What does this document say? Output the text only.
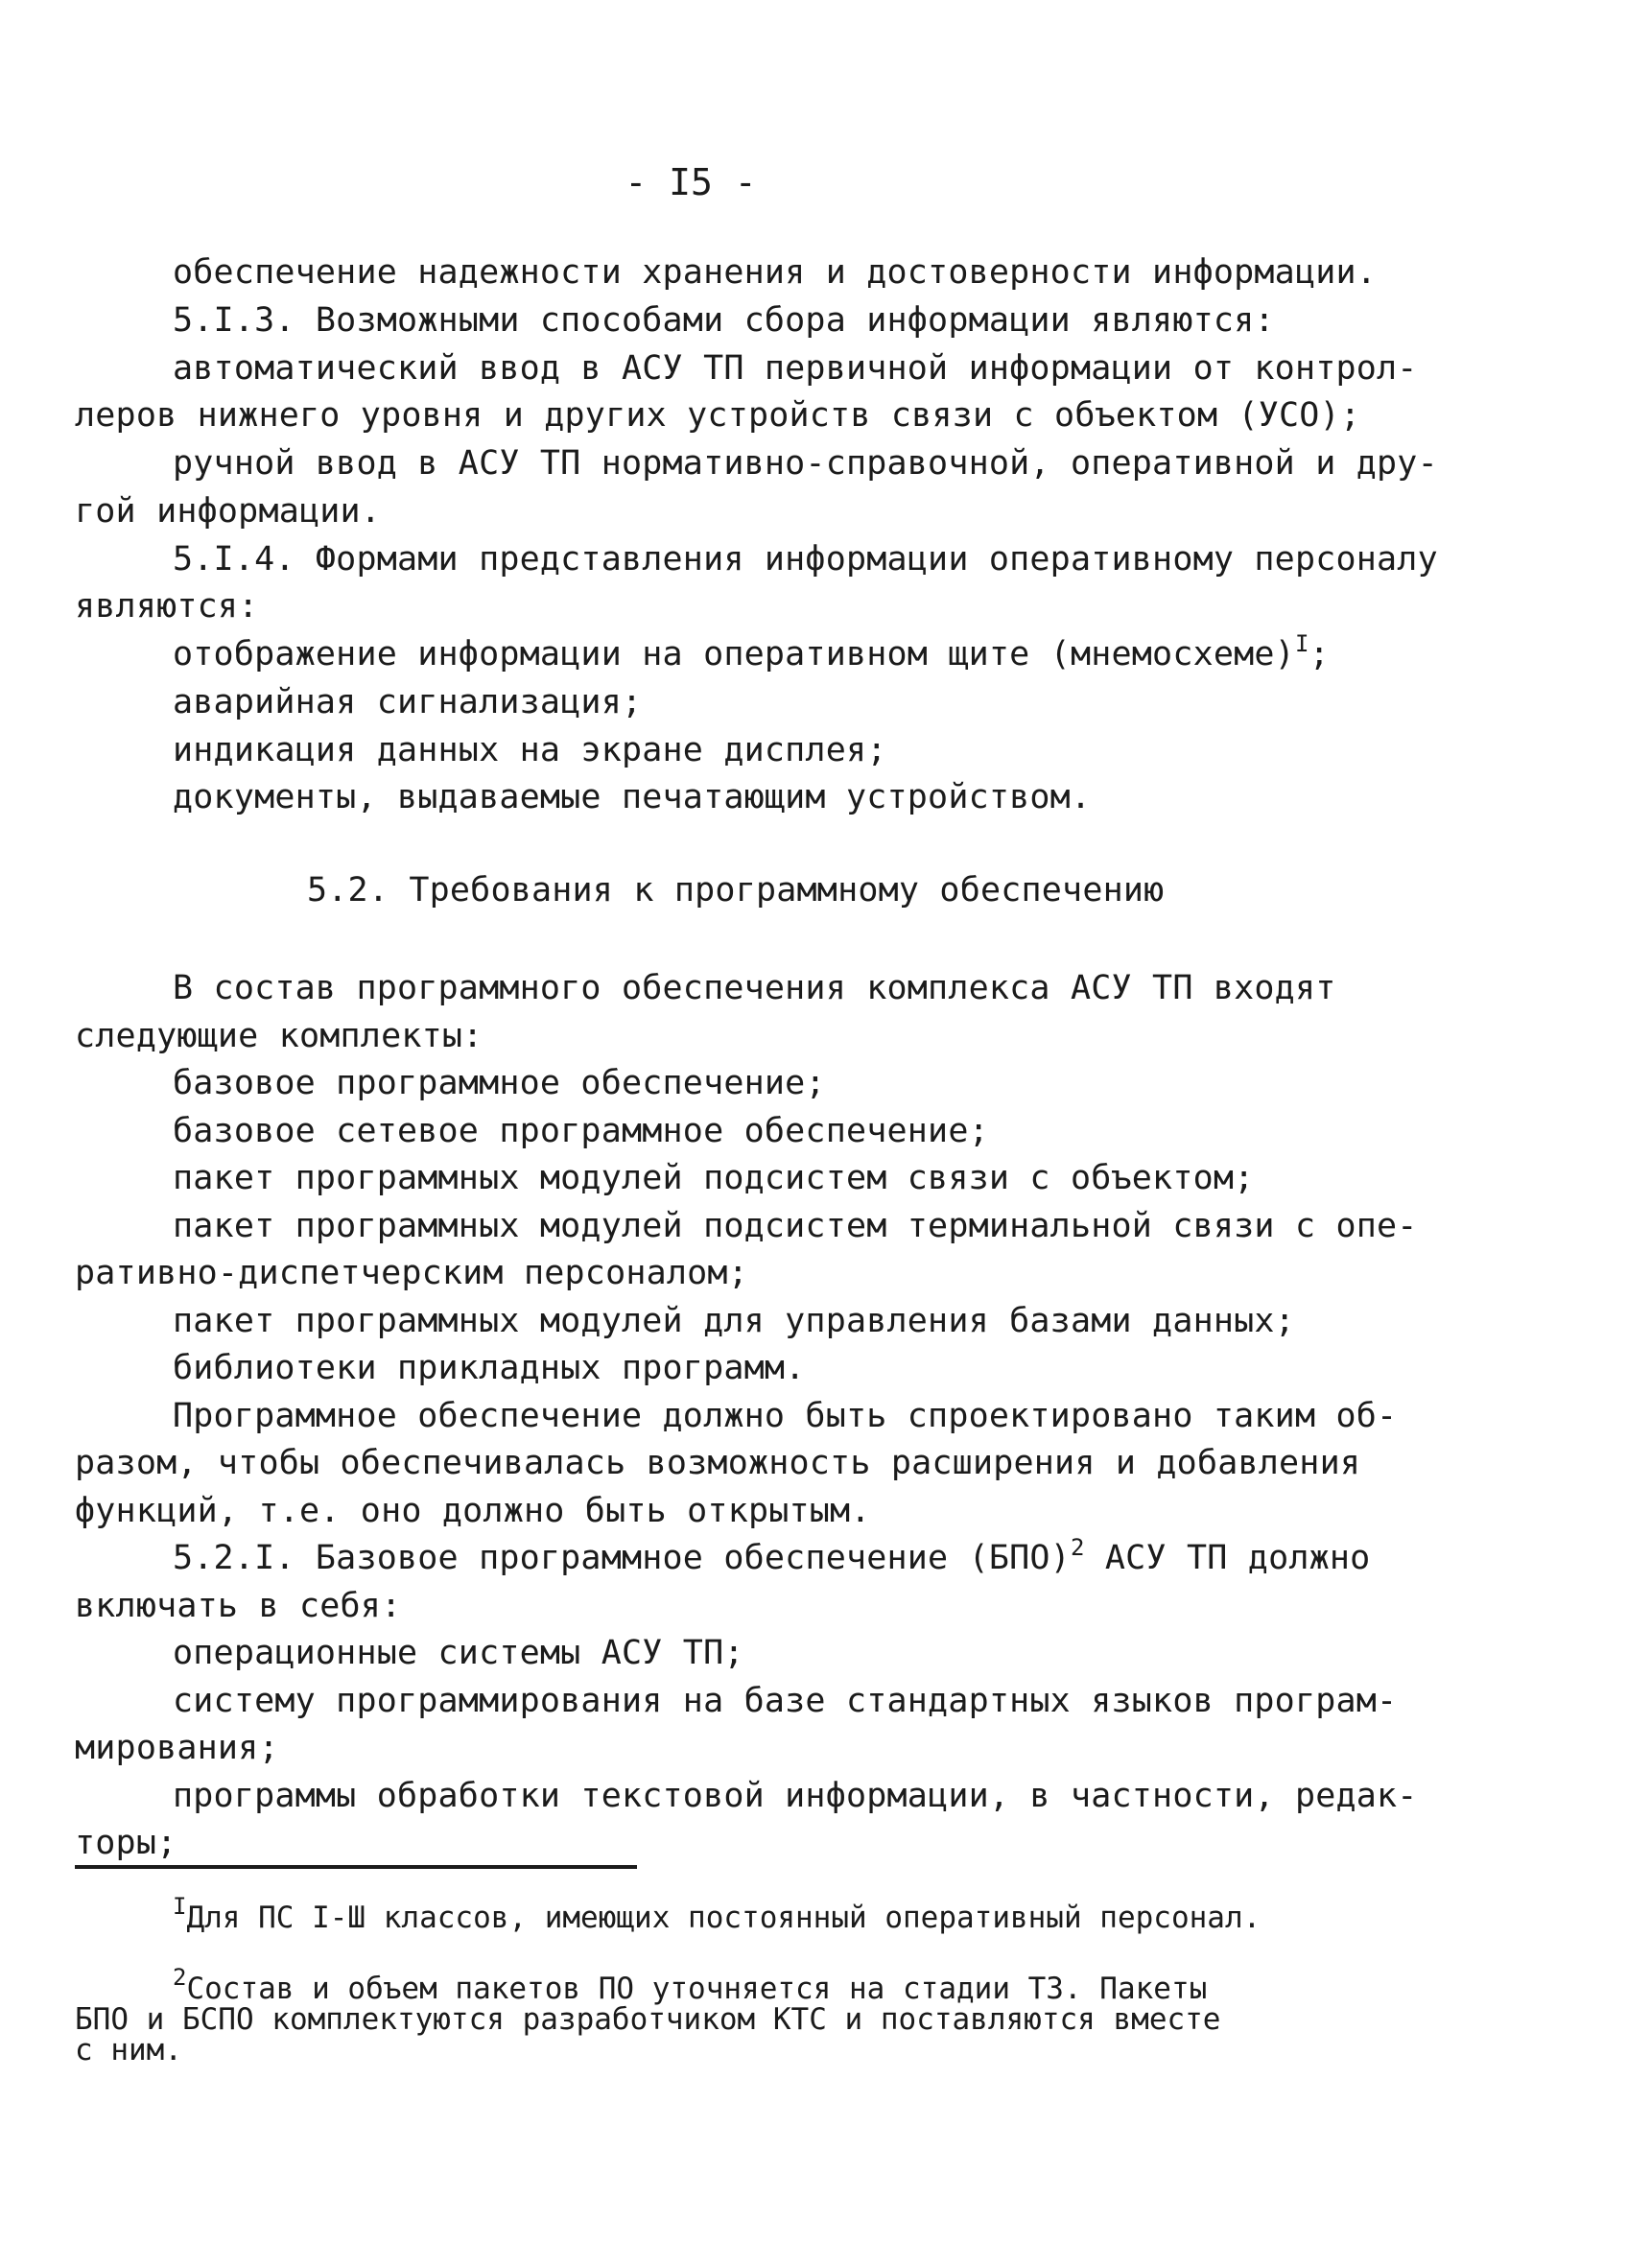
- I5 -
обеспечение надежности хранения и достоверности информации.
5.I.3. Возможными способами сбора информации являются:
автоматический ввод в АСУ ТП первичной информации от контрол-
леров нижнего уровня и других устройств связи с объектом (УСО);
ручной ввод в АСУ ТП нормативно-справочной, оперативной и дру-
гой информации.
5.I.4. Формами представления информации оперативному персоналу
являются:
отображение информации на оперативном щите (мнемосхеме)$^I$;
аварийная сигнализация;
индикация данных на экране дисплея;
документы, выдаваемые печатающим устройством.
5.2. Требования к программному обеспечению
В состав программного обеспечения комплекса АСУ ТП входят
следующие комплекты:
базовое программное обеспечение;
базовое сетевое программное обеспечение;
пакет программных модулей подсистем связи с объектом;
пакет программных модулей подсистем терминальной связи с опе-
ративно-диспетчерским персоналом;
пакет программных модулей для управления базами данных;
библиотеки прикладных программ.
Программное обеспечение должно быть спроектировано таким об-
разом, чтобы обеспечивалась возможность расширения и добавления
функций, т.е. оно должно быть открытым.
5.2.I. Базовое программное обеспечение (БПО)$^2$ АСУ ТП должно
включать в себя:
операционные системы АСУ ТП;
систему программирования на базе стандартных языков програм-
мирования;
программы обработки текстовой информации, в частности, редак-
торы;
$^I$Для ПС I-Ш классов, имеющих постоянный оперативный персонал.
$^2$Состав и объем пакетов ПО уточняется на стадии ТЗ. Пакеты
БПО и БСПО комплектуются разработчиком КТС и поставляются вместе
с ним.
